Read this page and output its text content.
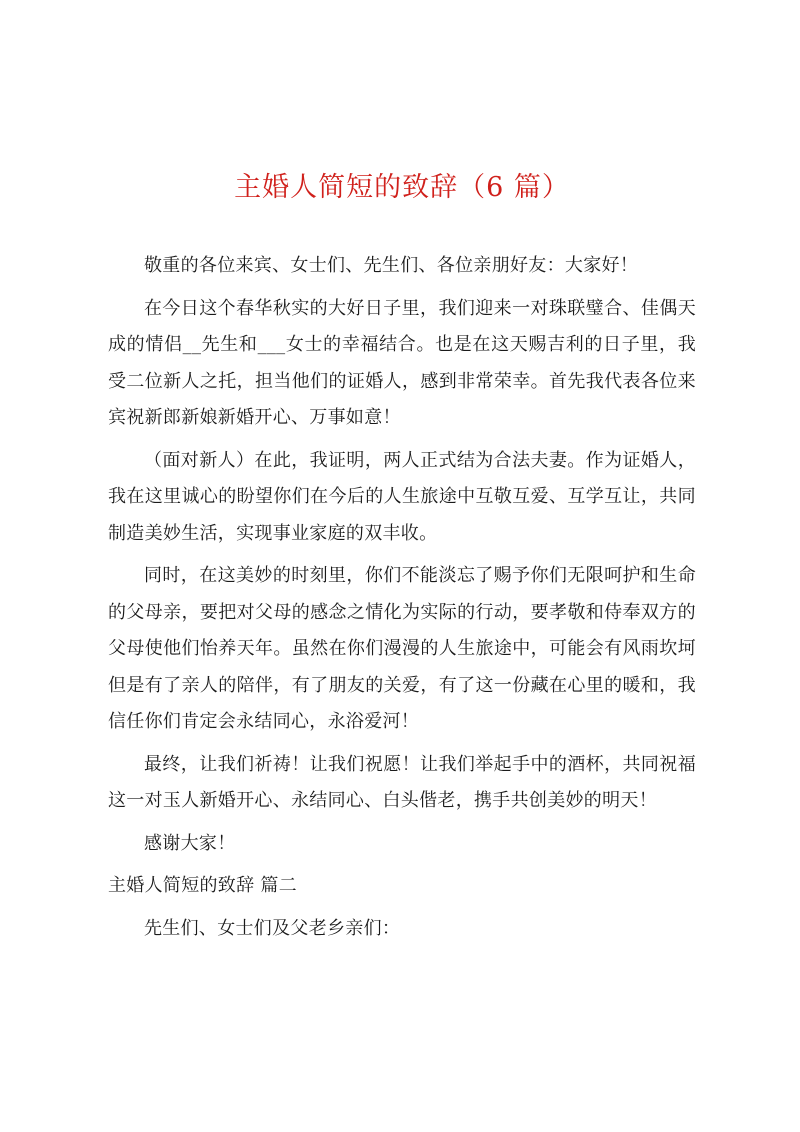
主婚人简短的致辞（6 篇）

敬重的各位来宾、女士们、先生们、各位亲朋好友：大家好！

在今日这个春华秋实的大好日子里，我们迎来一对珠联璧合、佳偶天成的情侣__先生和___女士的幸福结合。也是在这天赐吉利的日子里，我受二位新人之托，担当他们的证婚人，感到非常荣幸。首先我代表各位来宾祝新郎新娘新婚开心、万事如意！

（面对新人）在此，我证明，两人正式结为合法夫妻。作为证婚人，我在这里诚心的盼望你们在今后的人生旅途中互敬互爱、互学互让，共同制造美妙生活，实现事业家庭的双丰收。

同时，在这美妙的时刻里，你们不能淡忘了赐予你们无限呵护和生命的父母亲，要把对父母的感念之情化为实际的行动，要孝敬和侍奉双方的父母使他们怡养天年。虽然在你们漫漫的人生旅途中，可能会有风雨坎坷但是有了亲人的陪伴，有了朋友的关爱，有了这一份藏在心里的暖和，我信任你们肯定会永结同心，永浴爱河！

最终，让我们祈祷！让我们祝愿！让我们举起手中的酒杯，共同祝福这一对玉人新婚开心、永结同心、白头偕老，携手共创美妙的明天！

感谢大家！

主婚人简短的致辞 篇二

先生们、女士们及父老乡亲们：
